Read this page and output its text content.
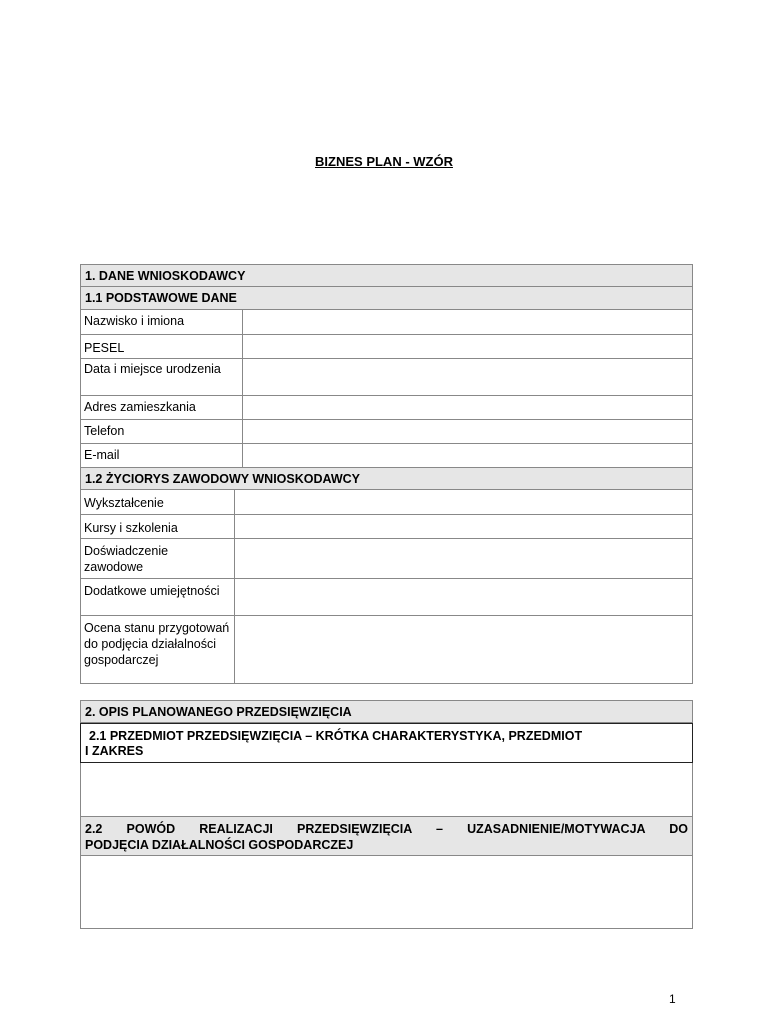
BIZNES PLAN - WZÓR
1. DANE WNIOSKODAWCY
1.1 PODSTAWOWE DANE
Nazwisko i imiona
PESEL
Data i miejsce urodzenia
Adres zamieszkania
Telefon
E-mail
1.2 ŻYCIORYS ZAWODOWY WNIOSKODAWCY
Wykształcenie
Kursy i szkolenia
Doświadczenie zawodowe
Dodatkowe umiejętności
Ocena stanu przygotowań do podjęcia działalności gospodarczej
2. OPIS PLANOWANEGO PRZEDSIĘWZIĘCIA
2.1 PRZEDMIOT PRZEDSIĘWZIĘCIA – KRÓTKA CHARAKTERYSTYKA, PRZEDMIOT
I ZAKRES
2.2 POWÓD REALIZACJI PRZEDSIĘWZIĘCIA – UZASADNIENIE/MOTYWACJA DO
PODJĘCIA DZIAŁALNOŚCI GOSPODARCZEJ
1
